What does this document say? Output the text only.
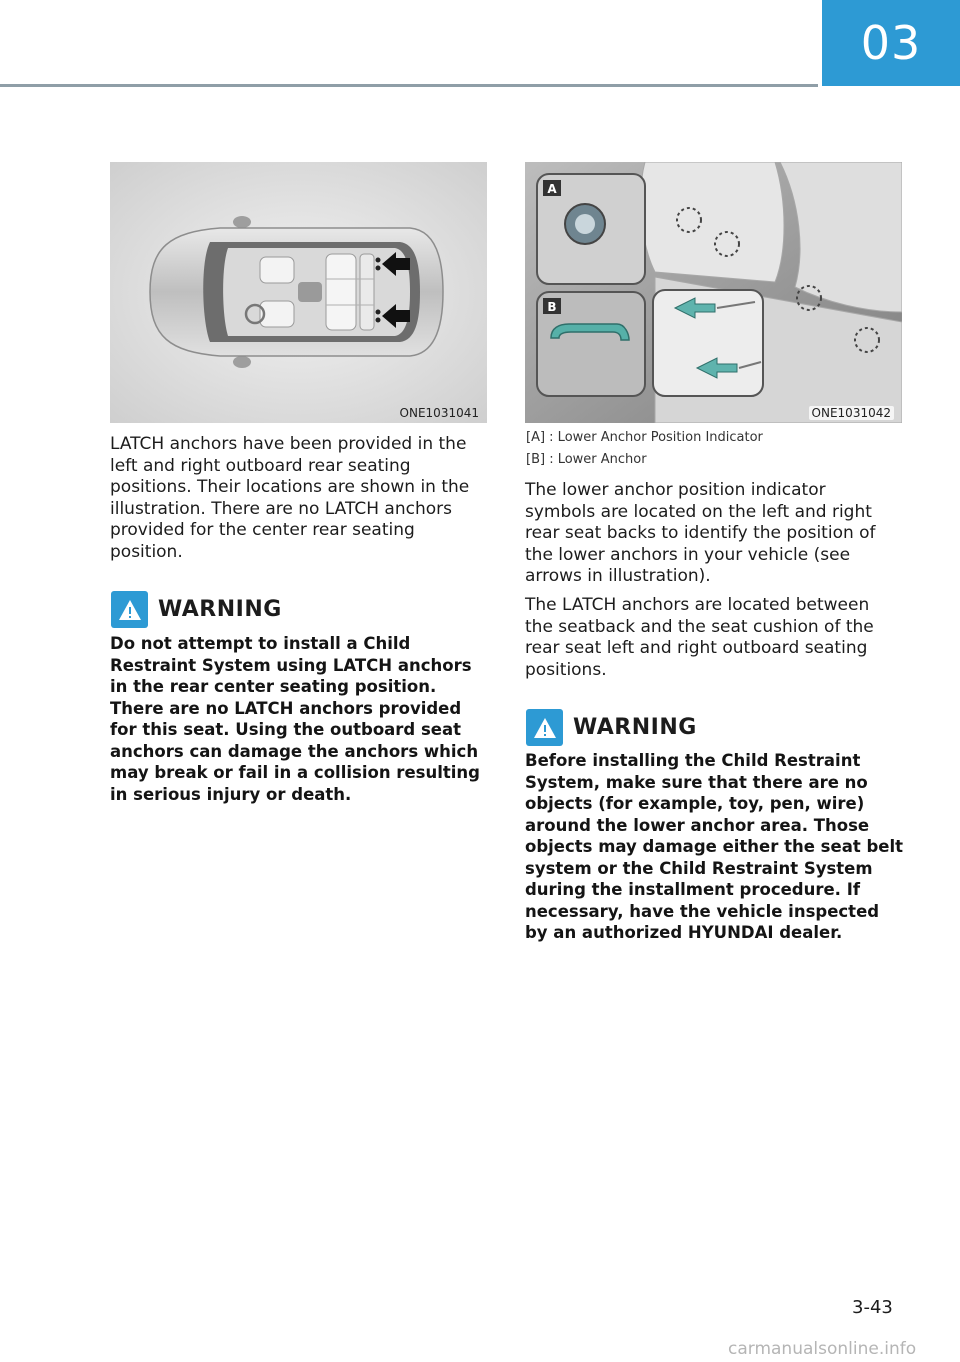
03
ONE1031041
A
B
ONE1031042

LATCH anchors have been provided in the left and right outboard rear seating positions. Their locations are shown in the illustration. There are no LATCH anchors provided for the center rear seating position.

WARNING

Do not attempt to install a Child Restraint System using LATCH anchors in the rear center seating position. There are no LATCH anchors provided for this seat. Using the outboard seat anchors can damage the anchors which may break or fail in a collision resulting in serious injury or death.

[A] : Lower Anchor Position Indicator
[B] : Lower Anchor

The lower anchor position indicator symbols are located on the left and right rear seat backs to identify the position of the lower anchors in your vehicle (see arrows in illustration).

The LATCH anchors are located between the seatback and the seat cushion of the rear seat left and right outboard seating positions.

WARNING

Before installing the Child Restraint System, make sure that there are no objects (for example, toy, pen, wire) around the lower anchor area. Those objects may damage either the seat belt system or the Child Restraint System during the installment procedure. If necessary, have the vehicle inspected by an authorized HYUNDAI dealer.

3-43
carmanualsonline.info
